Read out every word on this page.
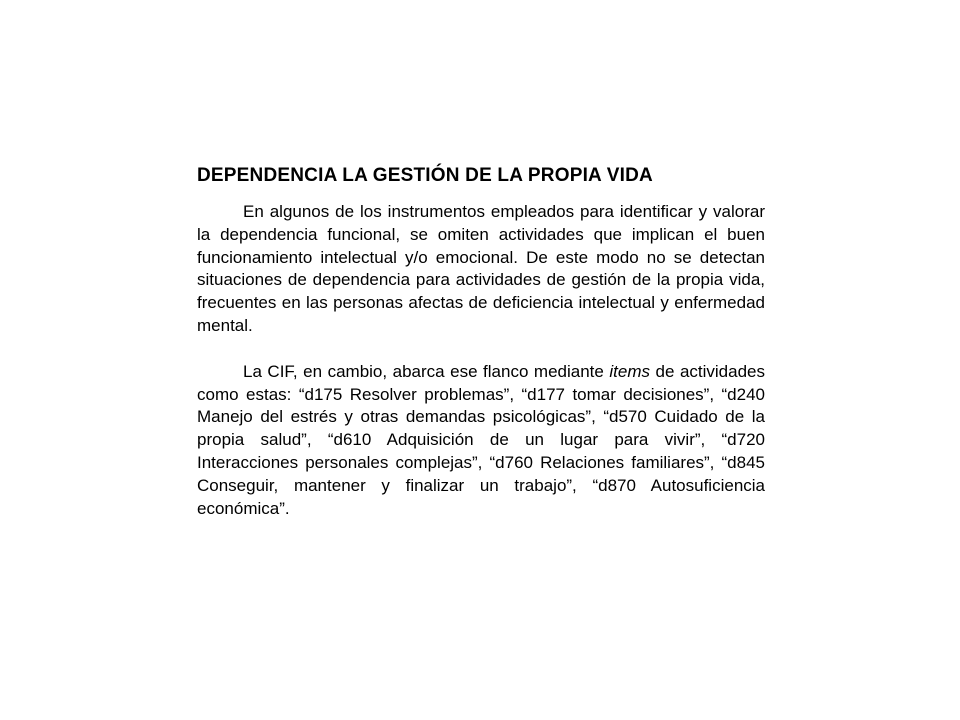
DEPENDENCIA LA GESTIÓN DE LA PROPIA VIDA

En algunos de los instrumentos empleados para identificar y valorar la dependencia funcional, se omiten actividades que implican el buen funcionamiento intelectual y/o emocional. De este modo no se detectan situaciones de dependencia para actividades de gestión de la propia vida, frecuentes en las personas afectas de deficiencia intelectual y enfermedad mental.

La CIF, en cambio, abarca ese flanco mediante items de actividades como estas: “d175 Resolver problemas”, “d177 tomar decisiones”, “d240 Manejo del estrés y otras demandas psicológicas”, “d570 Cuidado de la propia salud”, “d610 Adquisición de un lugar para vivir”, “d720 Interacciones personales complejas”, “d760 Relaciones familiares”, “d845 Conseguir, mantener y finalizar un trabajo”, “d870 Autosuficiencia económica”.
